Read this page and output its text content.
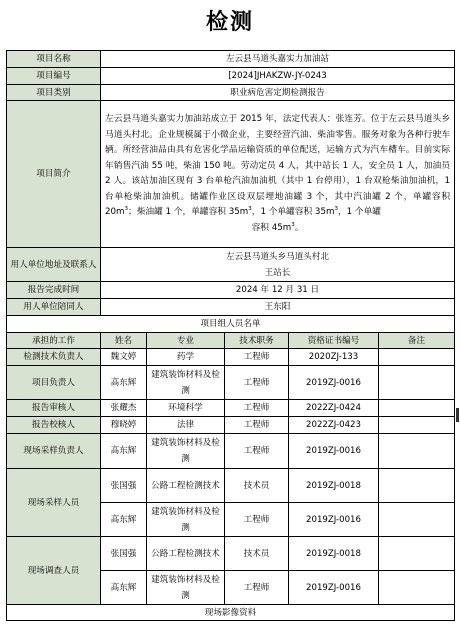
检测
项目名称	左云县马道头嘉实力加油站				
项目编号	[2024]JHAKZW-JY-0243				
项目类别	职业病危害定期检测报告				
项目简介	左云县马道头嘉实力加油站成立于 2015 年，法定代表人：张连芳。位于左云县马道头乡马道头村北。企业规模属于小微企业，主要经营汽油、柴油零售。服务对象为各种行驶车辆。所经营油品由具有危害化学品运输资质的单位配送，运输方式为汽车槽车。目前实际年销售汽油 55 吨，柴油 150 吨。劳动定员 4 人，其中站长 1 人，安全员 1 人，加油员 2 人。该站加油区现有 3 台单枪汽油加油机（其中 1 台停用），1 台双枪柴油加油机，1 台单枪柴油加油机。储罐作业区设双层埋地油罐 3 个，其中汽油罐 2 个，单罐容积 $20m^3$；柴油罐 1 个，单罐容积 $35m^3$，1 个单罐容积 $35m^3$，1 个单罐
容积 $45m^3$。				

用人单位地址及联系人	左云县马道头乡马道头村北
王站长				

报告完成时间	2024 年 12 月 31 日				
用人单位陪同人	王东阳				
项目组人员名单					
承担的工作	姓名	专业	技术职务	资格证书编号	备注
检测技术负责人	魏文婷	药学	工程师	2020ZJ-133	
项目负责人	高东辉	建筑装饰材料及检测	工程师	2019ZJ-0016	
报告审核人	张耀杰	环境科学	工程师	2022ZJ-0424	
报告校核人	穆晓婷	法律	工程师	2022ZJ-0423	
现场采样负责人	高东辉	建筑装饰材料及检测	工程师	2019ZJ-0016	
现场采样人员	张国强	公路工程检测技术	技术员	2019ZJ-0018	
	高东辉	建筑装饰材料及检测	工程师	2019ZJ-0016	
现场调查人员	张国强	公路工程检测技术	技术员	2019ZJ-0018	
	高东辉	建筑装饰材料及检测	工程师	2019ZJ-0016	
现场影像资料					
